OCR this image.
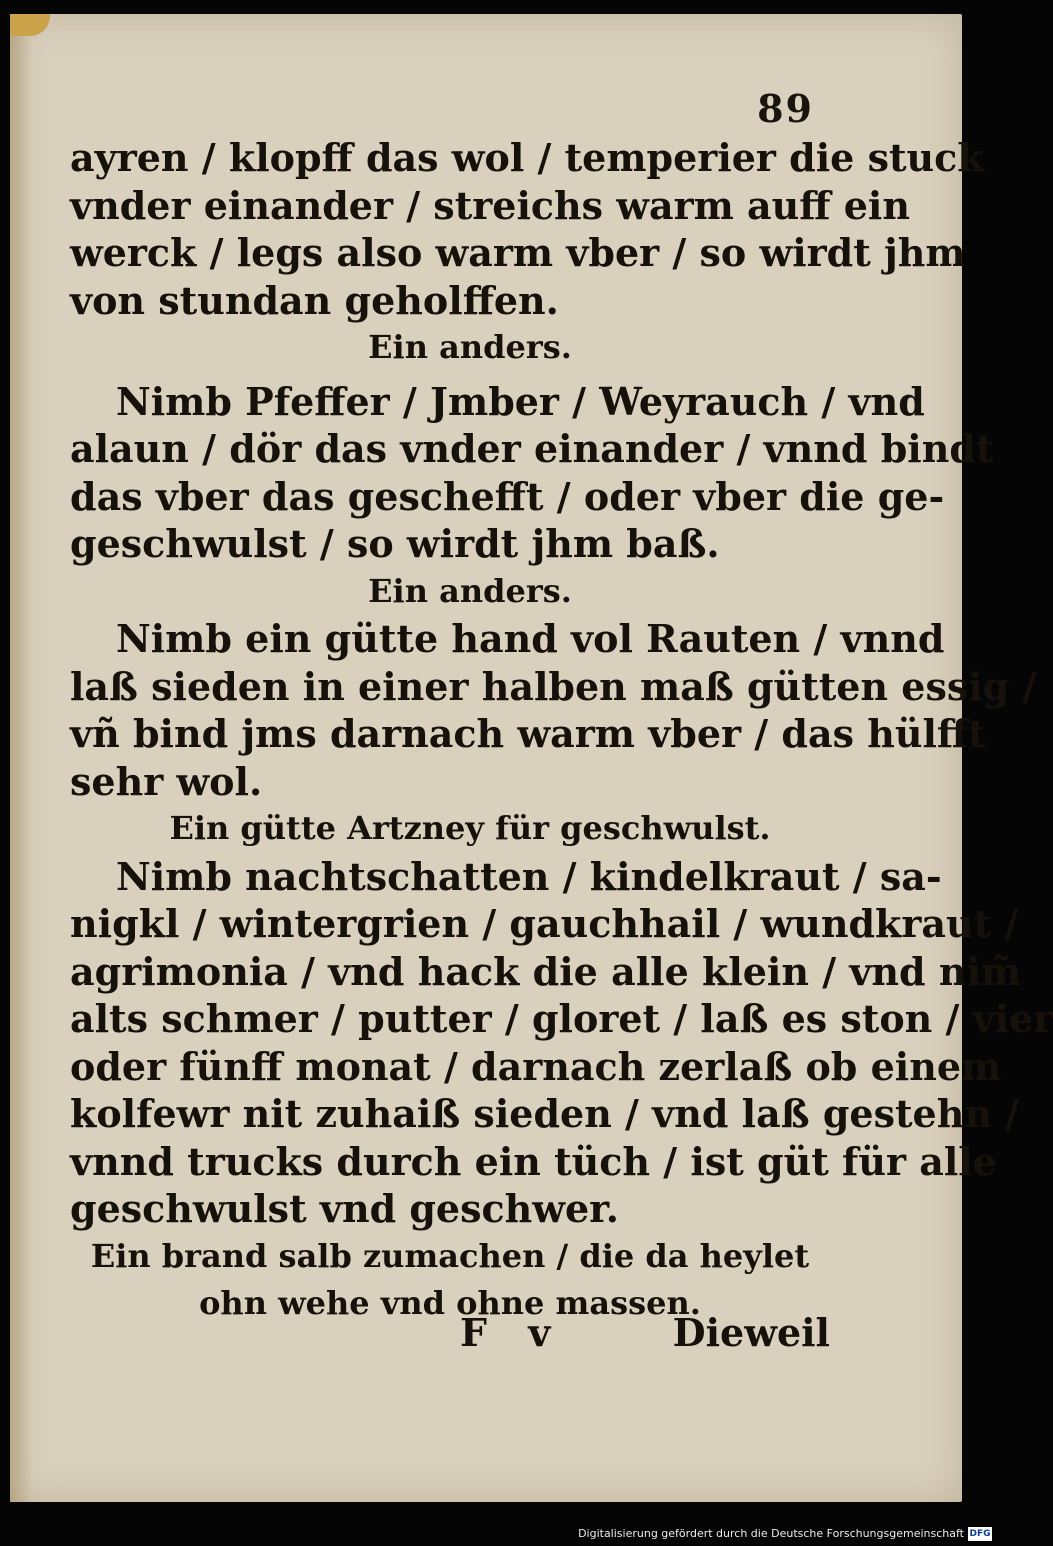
89
ayren / klopff das wol / temperier die stuck
vnder einander / streichs warm auff ein
werck / legs also warm vber / so wirdt jhm
von stundan geholffen.
Ein anders.
Nimb Pfeffer / Jmber / Weyrauch / vnd
alaun / dör das vnder einander / vnnd bindt
das vber das geschefft / oder vber die ge-
geschwulst / so wirdt jhm baß.
Ein anders.
Nimb ein gütte hand vol Rauten / vnnd
laß sieden in einer halben maß gütten essig /
vñ bind jms darnach warm vber / das hülfft
sehr wol.
Ein gütte Artzney für geschwulst.
Nimb nachtschatten / kindelkraut / sa-
nigkl / wintergrien / gauchhail / wundkraut /
agrimonia / vnd hack die alle klein / vnd nim̃
alts schmer / putter / gloret / laß es ston / vier
oder fünff monat / darnach zerlaß ob einem
kolfewr nit zuhaiß sieden / vnd laß gestehn /
vnnd trucks durch ein tüch / ist güt für alle
geschwulst vnd geschwer.
Ein brand salb zumachen / die da heylet
ohn wehe vnd ohne massen.
F v	Dieweil
Digitalisierung gefördert durch die Deutsche Forschungsgemeinschaft DFG
